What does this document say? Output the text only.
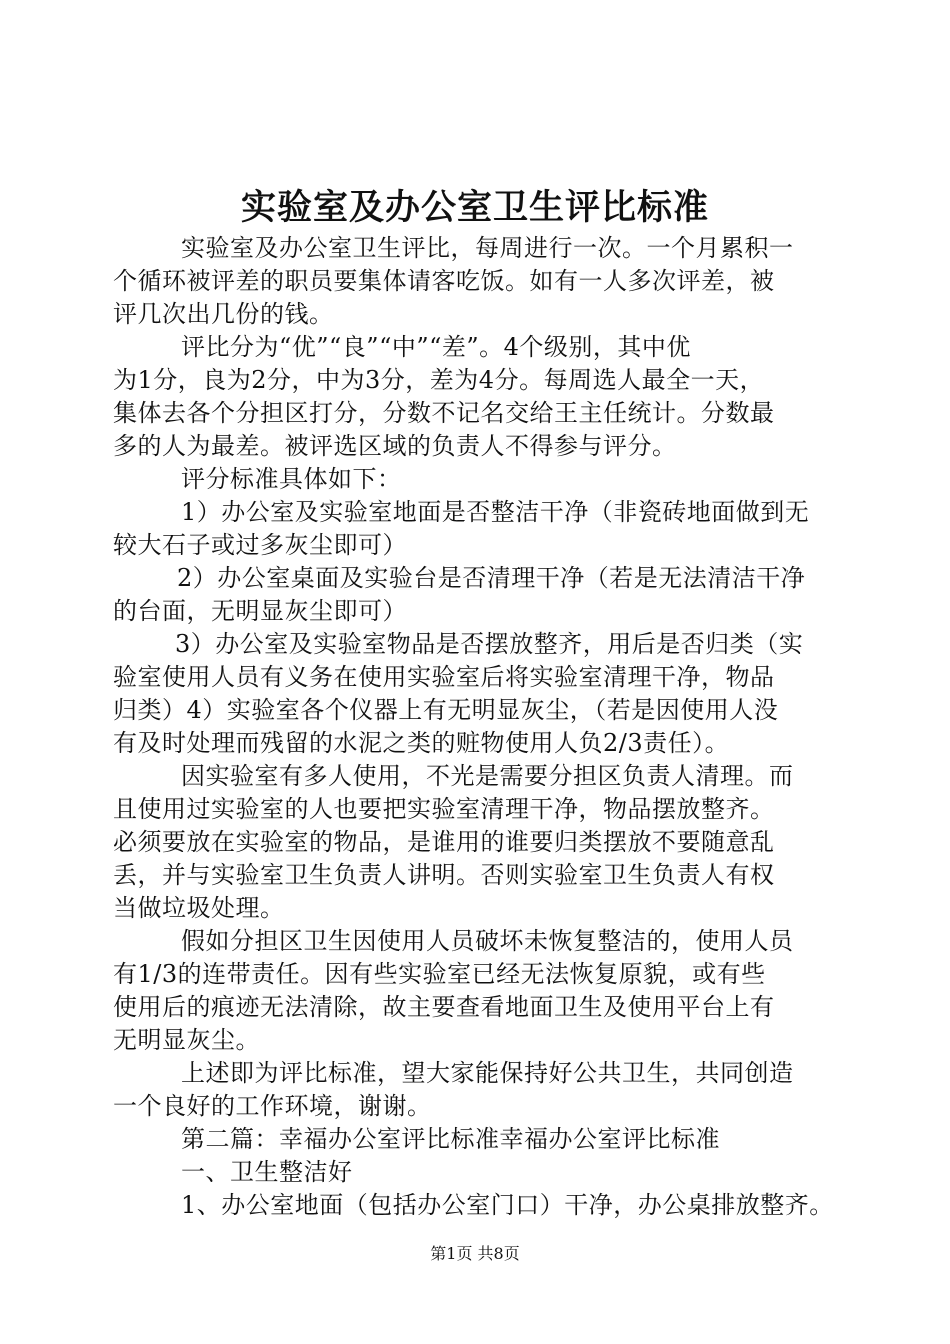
实验室及办公室卫生评比标准
实验室及办公室卫生评比，每周进行一次。一个月累积一
个循环被评差的职员要集体请客吃饭。如有一人多次评差，被
评几次出几份的钱。
评比分为“优”“良”“中”“差”。4个级别，其中优
为1分，良为2分，中为3分，差为4分。每周选人最全一天，
集体去各个分担区打分，分数不记名交给王主任统计。分数最
多的人为最差。被评选区域的负责人不得参与评分。
评分标准具体如下：
1）办公室及实验室地面是否整洁干净（非瓷砖地面做到无
较大石子或过多灰尘即可）
2）办公室桌面及实验台是否清理干净（若是无法清洁干净
的台面，无明显灰尘即可）
3）办公室及实验室物品是否摆放整齐，用后是否归类（实
验室使用人员有义务在使用实验室后将实验室清理干净，物品
归类）4）实验室各个仪器上有无明显灰尘，（若是因使用人没
有及时处理而残留的水泥之类的赃物使用人负2/3责任）。
因实验室有多人使用，不光是需要分担区负责人清理。而
且使用过实验室的人也要把实验室清理干净，物品摆放整齐。
必须要放在实验室的物品，是谁用的谁要归类摆放不要随意乱
丢，并与实验室卫生负责人讲明。否则实验室卫生负责人有权
当做垃圾处理。
假如分担区卫生因使用人员破坏未恢复整洁的，使用人员
有1/3的连带责任。因有些实验室已经无法恢复原貌，或有些
使用后的痕迹无法清除，故主要查看地面卫生及使用平台上有
无明显灰尘。
上述即为评比标准，望大家能保持好公共卫生，共同创造
一个良好的工作环境，谢谢。
第二篇：幸福办公室评比标准幸福办公室评比标准
一、卫生整洁好
1、办公室地面（包括办公室门口）干净，办公桌排放整齐。
第1页 共8页
